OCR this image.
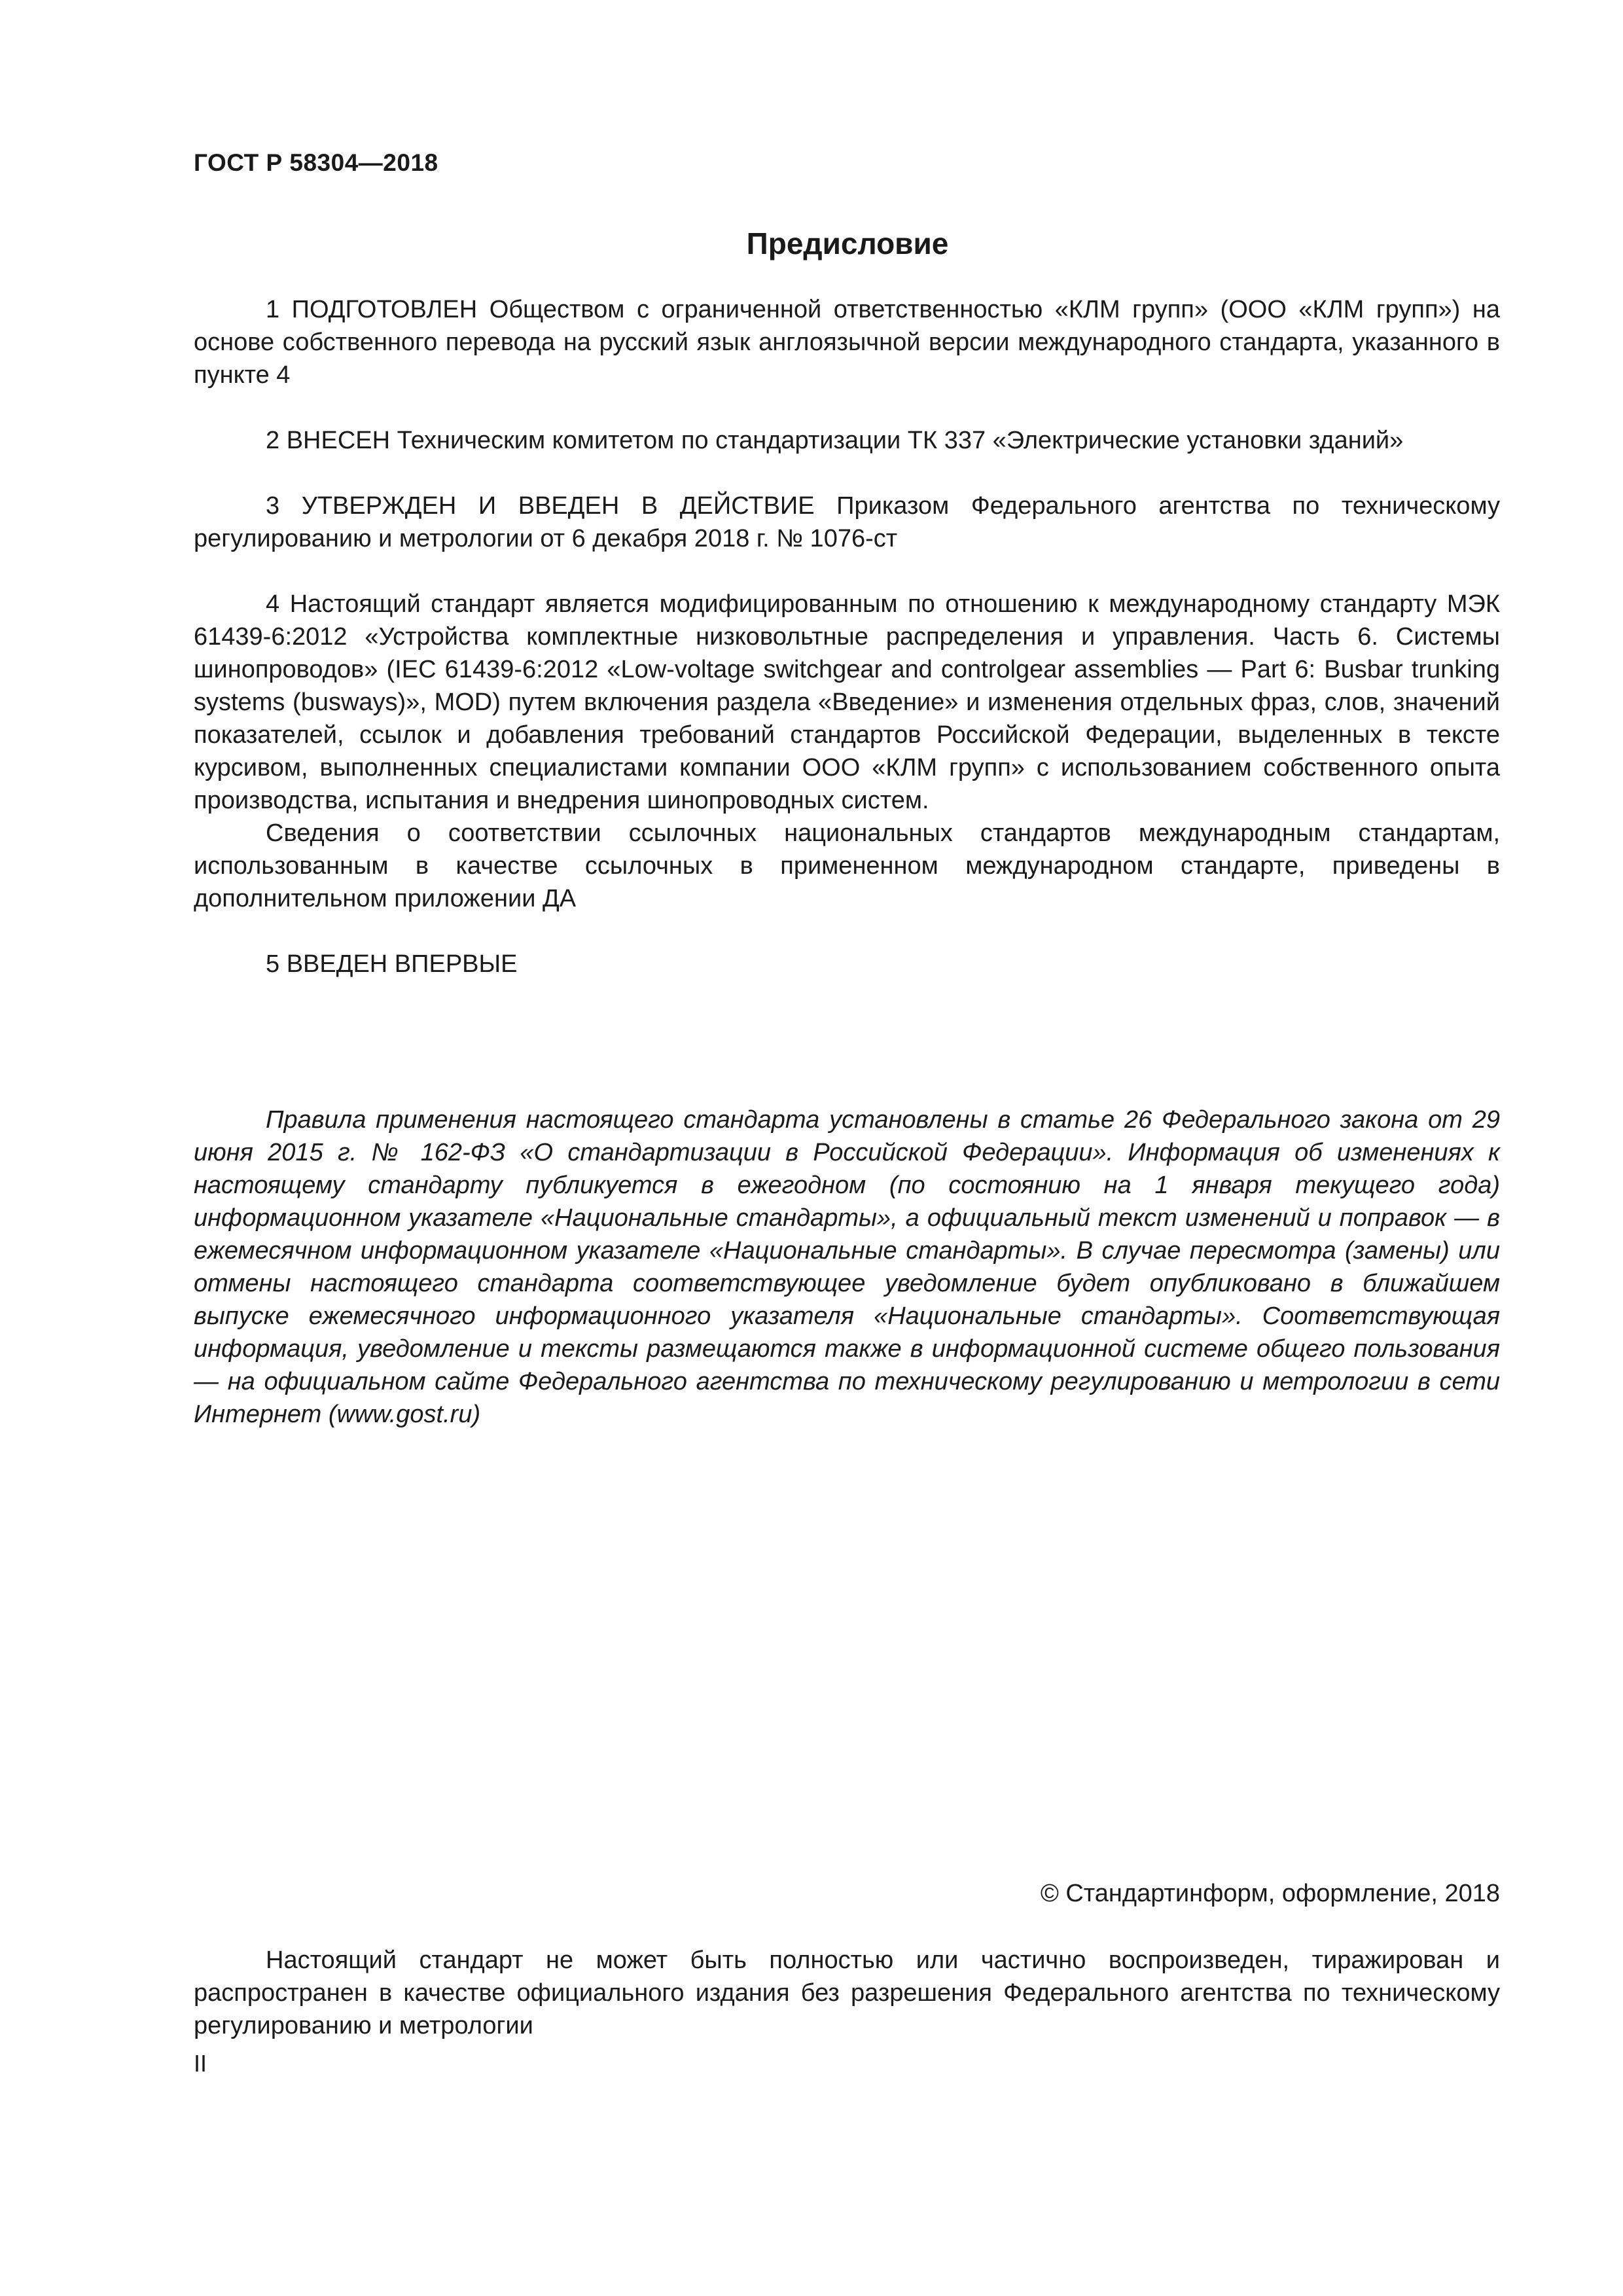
ГОСТ Р 58304—2018

Предисловие

1 ПОДГОТОВЛЕН Обществом с ограниченной ответственностью «КЛМ групп» (ООО «КЛМ групп») на основе собственного перевода на русский язык англоязычной версии международного стандарта, указанного в пункте 4

2 ВНЕСЕН Техническим комитетом по стандартизации ТК 337 «Электрические установки зданий»

3 УТВЕРЖДЕН И ВВЕДЕН В ДЕЙСТВИЕ Приказом Федерального агентства по техническому регулированию и метрологии от 6 декабря 2018 г. № 1076-ст

4 Настоящий стандарт является модифицированным по отношению к международному стандарту МЭК 61439-6:2012 «Устройства комплектные низковольтные распределения и управления. Часть 6. Системы шинопроводов» (IEC 61439-6:2012 «Low-voltage switchgear and controlgear assemblies — Part 6: Busbar trunking systems (busways)», MOD) путем включения раздела «Введение» и изменения отдельных фраз, слов, значений показателей, ссылок и добавления требований стандартов Российской Федерации, выделенных в тексте курсивом, выполненных специалистами компании ООО «КЛМ групп» с использованием собственного опыта производства, испытания и внедрения шинопроводных систем.

Сведения о соответствии ссылочных национальных стандартов международным стандартам, использованным в качестве ссылочных в примененном международном стандарте, приведены в дополнительном приложении ДА

5 ВВЕДЕН ВПЕРВЫЕ

Правила применения настоящего стандарта установлены в статье 26 Федерального закона от 29 июня 2015 г. № 162-ФЗ «О стандартизации в Российской Федерации». Информация об изменениях к настоящему стандарту публикуется в ежегодном (по состоянию на 1 января текущего года) информационном указателе «Национальные стандарты», а официальный текст изменений и поправок — в ежемесячном информационном указателе «Национальные стандарты». В случае пересмотра (замены) или отмены настоящего стандарта соответствующее уведомление будет опубликовано в ближайшем выпуске ежемесячного информационного указателя «Национальные стандарты». Соответствующая информация, уведомление и тексты размещаются также в информационной системе общего пользования — на официальном сайте Федерального агентства по техническому регулированию и метрологии в сети Интернет (www.gost.ru)

© Стандартинформ, оформление, 2018

Настоящий стандарт не может быть полностью или частично воспроизведен, тиражирован и распространен в качестве официального издания без разрешения Федерального агентства по техническому регулированию и метрологии

II
